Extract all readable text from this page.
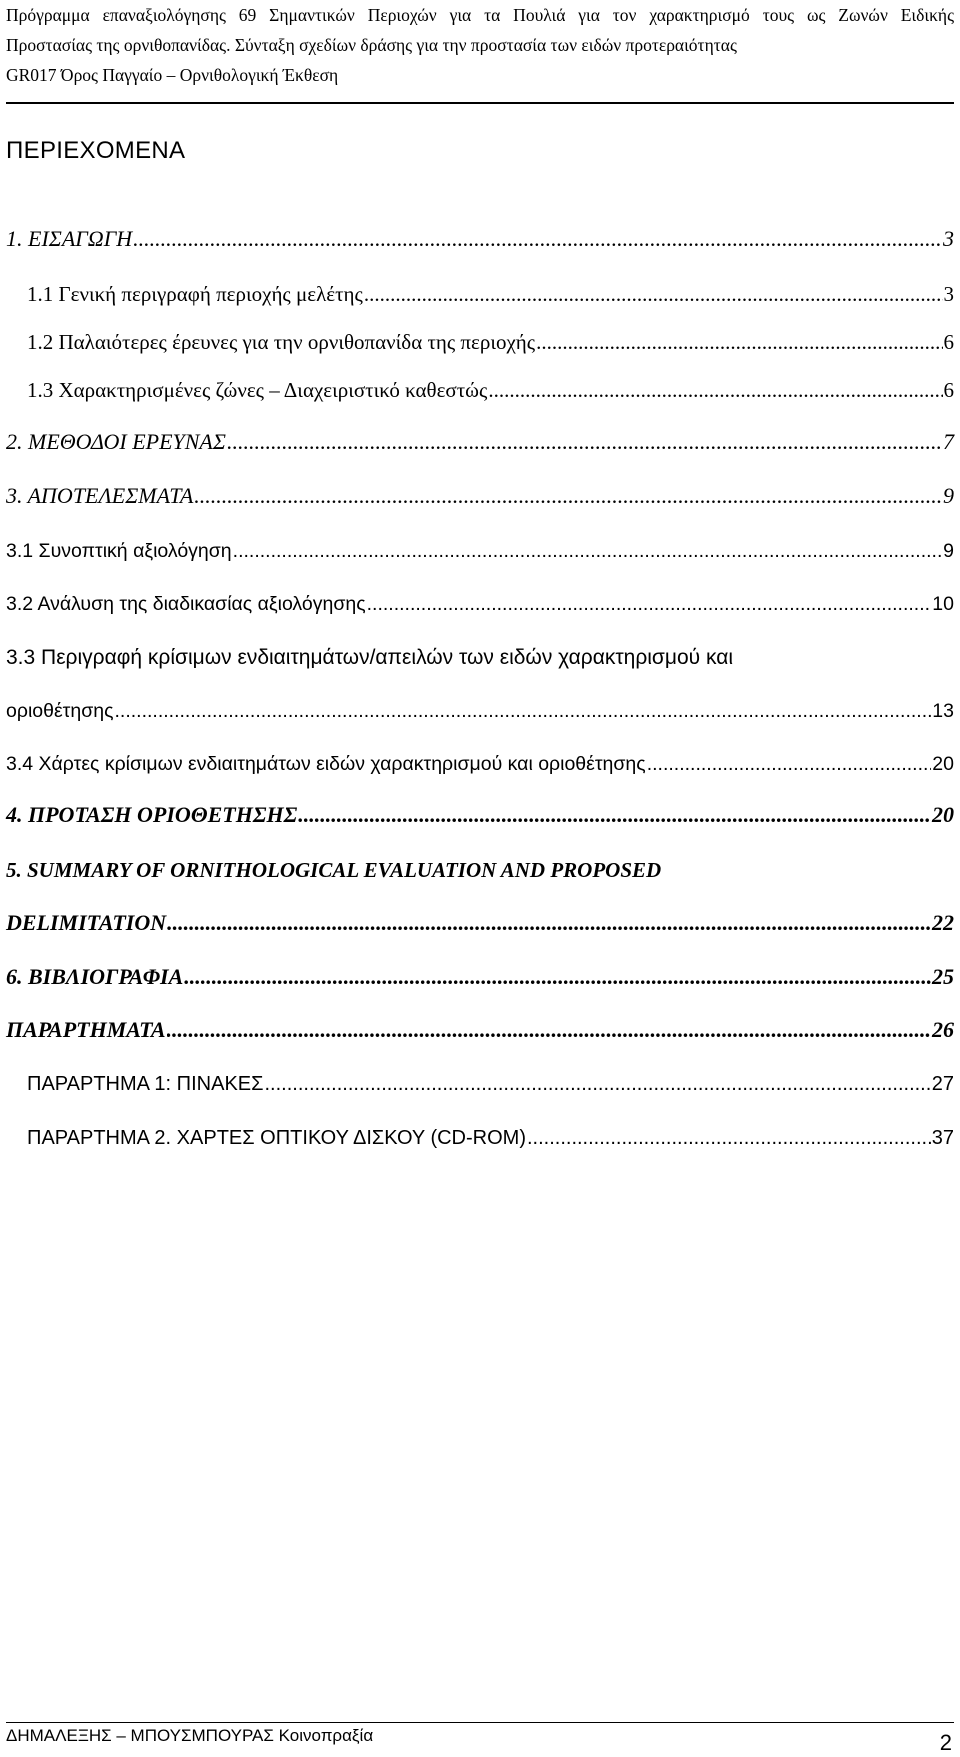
Πρόγραμμα επαναξιολόγησης 69 Σημαντικών Περιοχών για τα Πουλιά για τον χαρακτηρισμό τους ως Ζωνών Ειδικής
Προστασίας της ορνιθοπανίδας. Σύνταξη σχεδίων δράσης για την προστασία των ειδών προτεραιότητας
GR017 Όρος Παγγαίο – Ορνιθολογική Έκθεση
ΠΕΡΙΕΧΟΜΕΝΑ
1. ΕΙΣΑΓΩΓΗ .....	3
1.1 Γενική περιγραφή περιοχής μελέτης .....	3
1.2 Παλαιότερες έρευνες για την ορνιθοπανίδα της περιοχής .....	6
1.3 Χαρακτηρισμένες ζώνες – Διαχειριστικό καθεστώς .....	6
2. ΜΕΘΟΔΟΙ ΕΡΕΥΝΑΣ .....	7
3. ΑΠΟΤΕΛΕΣΜΑΤΑ .....	9
3.1 Συνοπτική αξιολόγηση .....	9
3.2 Ανάλυση της διαδικασίας αξιολόγησης .....	10
3.3 Περιγραφή κρίσιμων ενδιαιτημάτων/απειλών των ειδών χαρακτηρισμού και
οριοθέτησης .....	13
3.4 Χάρτες κρίσιμων ενδιαιτημάτων ειδών χαρακτηρισμού και οριοθέτησης .....	20
4. ΠΡΟΤΑΣΗ ΟΡΙΟΘΕΤΗΣΗΣ .....	20
5. SUMMARY OF ORNITHOLOGICAL EVALUATION AND PROPOSED
DELIMITATION .....	22
6. ΒΙΒΛΙΟΓΡΑΦΙΑ .....	25
ΠΑΡΑΡΤΗΜΑΤΑ .....	26
ΠΑΡΑΡΤΗΜΑ 1: ΠΙΝΑΚΕΣ .....	27
ΠΑΡΑΡΤΗΜΑ 2. ΧΑΡΤΕΣ ΟΠΤΙΚΟΥ ΔΙΣΚΟΥ (CD-ROM) .....	37
ΔΗΜΑΛΕΞΗΣ – ΜΠΟΥΣΜΠΟΥΡΑΣ Κοινοπραξία	2
